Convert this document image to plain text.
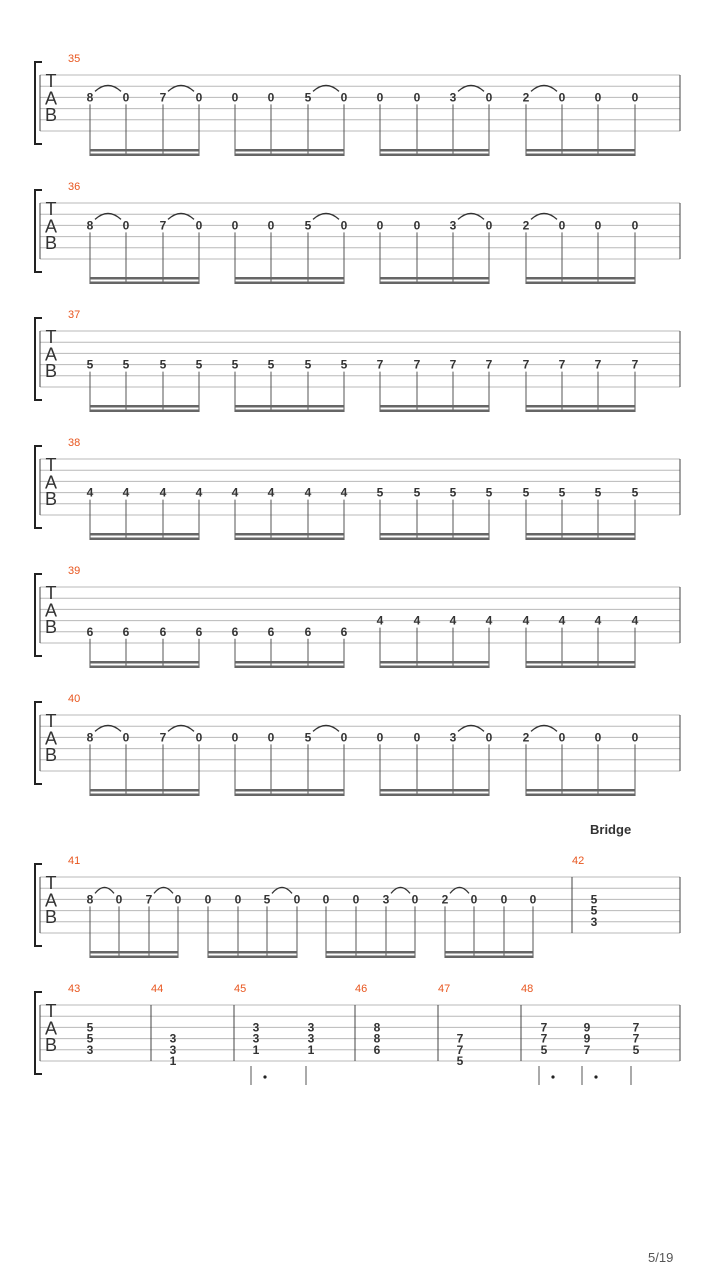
T
A
B
35
8 0	7 0 0 0	5 0 0	0 3 0	2 0 0	0
T
A
B
36
8 0	7 0 0 0	5 0 0	0 3 0	2 0 0	0
T
A
B
37
5 5	5 5 5 5	5 5 7	7 7 7	7 7 7	7
T
A
B
38
4 4	4 4 4 4	4 4 5	5 5 5	5 5 5	5
T
A
B
39
6 6	6 6 6 6	6 6
4	4 4 4	4 4 4	4
T
A
B
40
8 0	7 0 0 0	5 0 0	0 3 0	2 0 0	0
T
A
B
41	42
8 0 7 0 0 0 5 0 0 0 3 0 2 0 0 0	5
5
3
T
A
B
43	44	45	46	47	48
5
5
3
3
3
1
3
3
1
3
3
1
8
8
6
7
7
5
7
7
5
9
9
7
7
7
5
Bridge
5/19
